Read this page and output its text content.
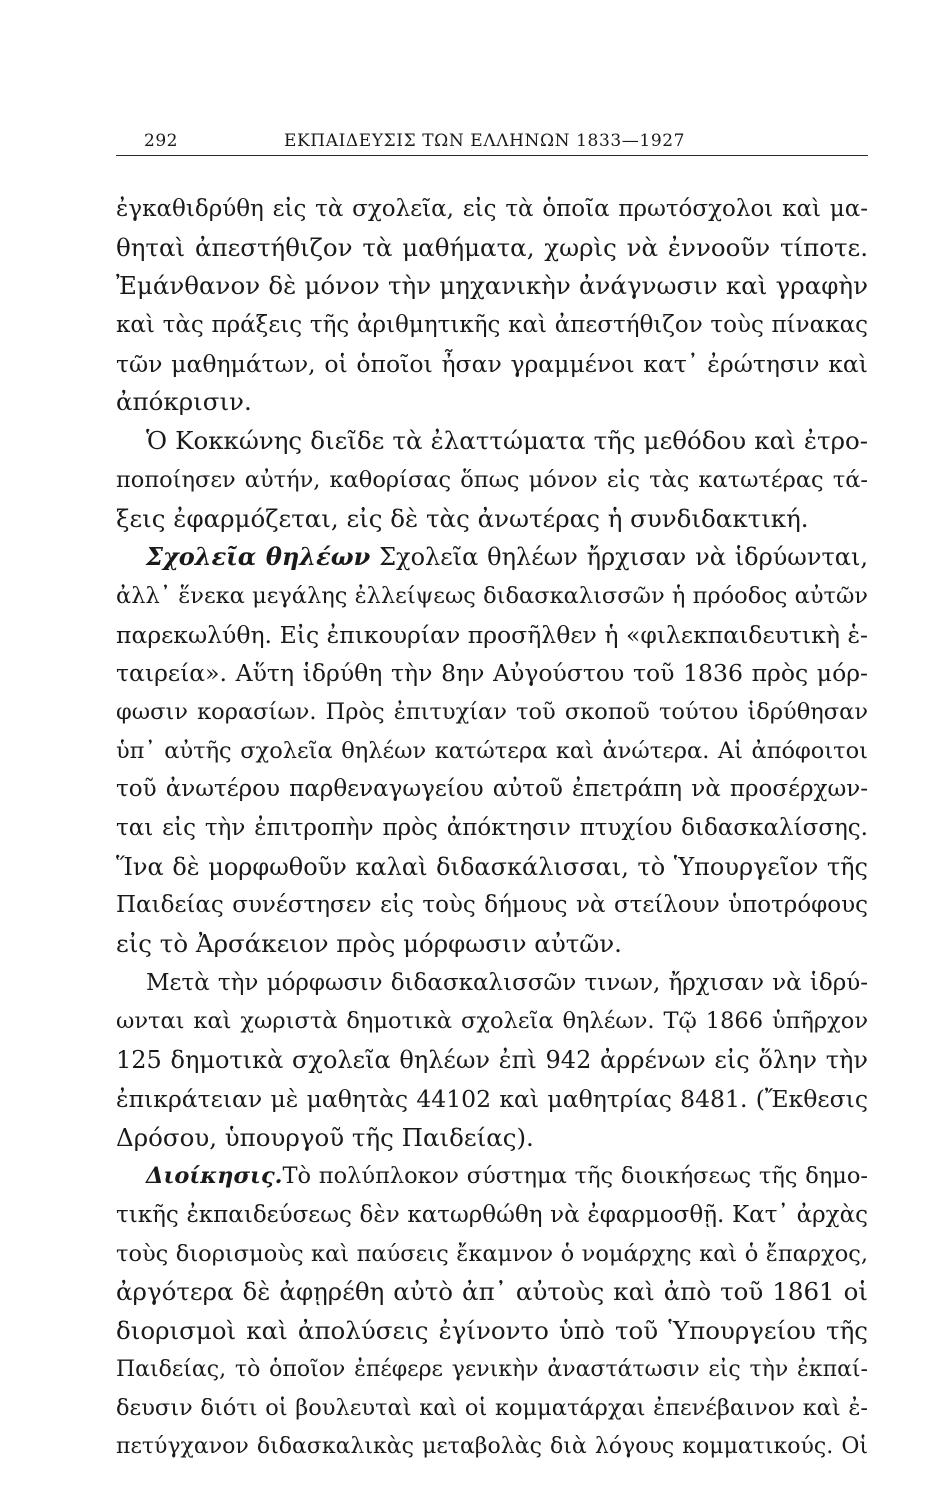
292	ΕΚΠΑΙΔΕΥΣΙΣ ΤΩΝ ΕΛΛΗΝΩΝ 1833—1927
ἐγκαθιδρύθη εἰς τὰ σχολεῖα, εἰς τὰ ὁποῖα πρωτόσχολοι καὶ μα-
θηταὶ ἀπεστήθιζον τὰ μαθήματα, χωρὶς νὰ ἐννοοῦν τίποτε.
Ἐμάνθανον δὲ μόνον τὴν μηχανικὴν ἀνάγνωσιν καὶ γραφὴν
καὶ τὰς πράξεις τῆς ἀριθμητικῆς καὶ ἀπεστήθιζον τοὺς πίνακας
τῶν μαθημάτων, οἱ ὁποῖοι ἦσαν γραμμένοι κατ᾽ ἐρώτησιν καὶ
ἀπόκρισιν.
Ὁ Κοκκώνης διεῖδε τὰ ἐλαττώματα τῆς μεθόδου καὶ ἐτρο-
ποποίησεν αὐτήν, καθορίσας ὅπως μόνον εἰς τὰς κατωτέρας τά-
ξεις ἐφαρμόζεται, εἰς δὲ τὰς ἀνωτέρας ἡ συνδιδακτική.
Σχολεῖα θηλέων Σχολεῖα θηλέων ἤρχισαν νὰ ἱδρύωνται,
ἀλλ᾽ ἕνεκα μεγάλης ἐλλείψεως διδασκαλισσῶν ἡ πρόοδος αὐτῶν
παρεκωλύθη. Εἰς ἐπικουρίαν προσῆλθεν ἡ «φιλεκπαιδευτικὴ ἑ-
ταιρεία». Αὕτη ἱδρύθη τὴν 8ην Αὐγούστου τοῦ 1836 πρὸς μόρ-
φωσιν κορασίων. Πρὸς ἐπιτυχίαν τοῦ σκοποῦ τούτου ἱδρύθησαν
ὑπ᾽ αὐτῆς σχολεῖα θηλέων κατώτερα καὶ ἀνώτερα. Αἱ ἀπόφοιτοι
τοῦ ἀνωτέρου παρθεναγωγείου αὐτοῦ ἐπετράπη νὰ προσέρχων-
ται εἰς τὴν ἐπιτροπὴν πρὸς ἀπόκτησιν πτυχίου διδασκαλίσσης.
Ἵνα δὲ μορφωθοῦν καλαὶ διδασκάλισσαι, τὸ Ὑπουργεῖον τῆς
Παιδείας συνέστησεν εἰς τοὺς δήμους νὰ στείλουν ὑποτρόφους
εἰς τὸ Ἀρσάκειον πρὸς μόρφωσιν αὐτῶν.
Μετὰ τὴν μόρφωσιν διδασκαλισσῶν τινων, ἤρχισαν νὰ ἱδρύ-
ωνται καὶ χωριστὰ δημοτικὰ σχολεῖα θηλέων. Τῷ 1866 ὑπῆρχον
125 δημοτικὰ σχολεῖα θηλέων ἐπὶ 942 ἀρρένων εἰς ὅλην τὴν
ἐπικράτειαν μὲ μαθητὰς 44102 καὶ μαθητρίας 8481. (Ἔκθεσις
Δρόσου, ὑπουργοῦ τῆς Παιδείας).
Διοίκησις.Τὸ πολύπλοκον σύστημα τῆς διοικήσεως τῆς δημο-
τικῆς ἐκπαιδεύσεως δὲν κατωρθώθη νὰ ἐφαρμοσθῇ. Κατ᾽ ἀρχὰς
τοὺς διορισμοὺς καὶ παύσεις ἔκαμνον ὁ νομάρχης καὶ ὁ ἔπαρχος,
ἀργότερα δὲ ἀφῃρέθη αὐτὸ ἀπ᾽ αὐτοὺς καὶ ἀπὸ τοῦ 1861 οἱ
διορισμοὶ καὶ ἀπολύσεις ἐγίνοντο ὑπὸ τοῦ Ὑπουργείου τῆς
Παιδείας, τὸ ὁποῖον ἐπέφερε γενικὴν ἀναστάτωσιν εἰς τὴν ἐκπαί-
δευσιν διότι οἱ βουλευταὶ καὶ οἱ κομματάρχαι ἐπενέβαινον καὶ ἐ-
πετύγχανον διδασκαλικὰς μεταβολὰς διὰ λόγους κομματικούς. Οἱ
